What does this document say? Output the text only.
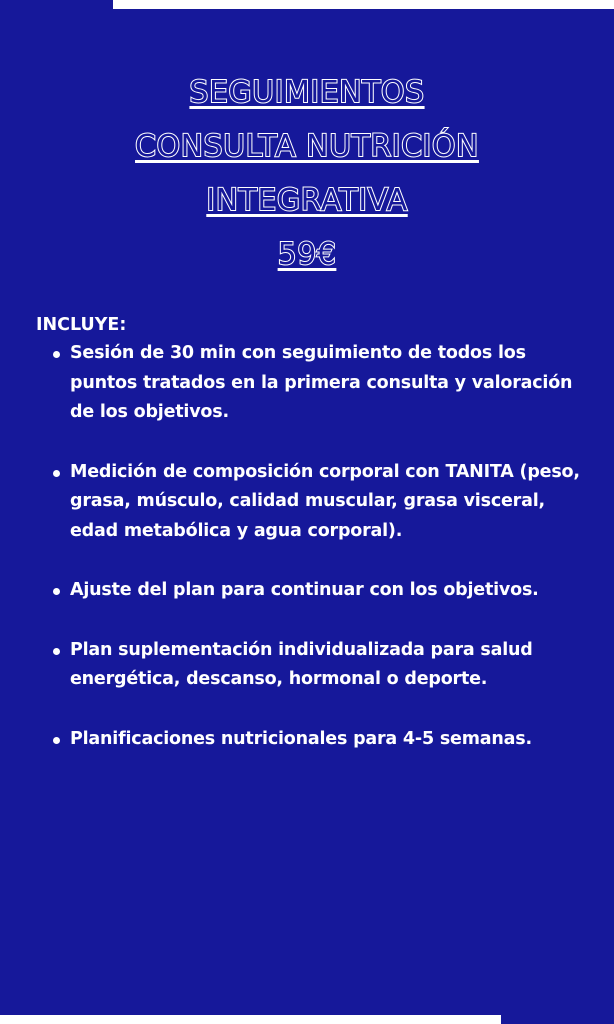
SEGUIMIENTOS
CONSULTA NUTRICIÓN
INTEGRATIVA
59€
INCLUYE:
Sesión de 30 min con seguimiento de todos los puntos tratados en la primera consulta y valoración de los objetivos.
Medición de composición corporal con TANITA (peso, grasa, músculo, calidad muscular, grasa visceral, edad metabólica y agua corporal).
Ajuste del plan para continuar con los objetivos.
Plan suplementación individualizada para salud energética, descanso, hormonal o deporte.
Planificaciones nutricionales para 4-5 semanas.
